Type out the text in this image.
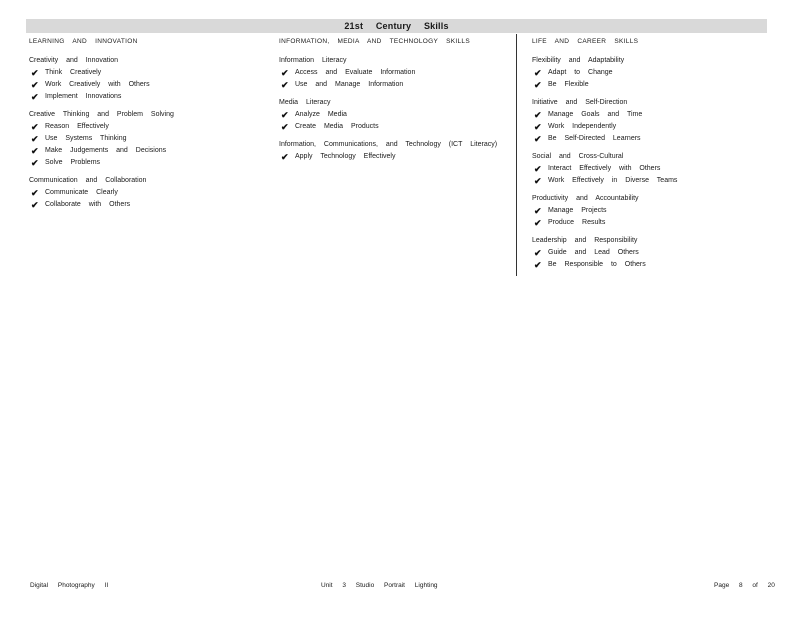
21st Century Skills
LEARNING AND INNOVATION
Creativity and Innovation
✔ Think Creatively
✔ Work Creatively with Others
✔ Implement Innovations
Creative Thinking and Problem Solving
✔ Reason Effectively
✔ Use Systems Thinking
✔ Make Judgements and Decisions
✔ Solve Problems
Communication and Collaboration
✔ Communicate Clearly
✔ Collaborate with Others
INFORMATION, MEDIA AND TECHNOLOGY SKILLS
Information Literacy
✔ Access and Evaluate Information
✔ Use and Manage Information
Media Literacy
✔ Analyze Media
✔ Create Media Products
Information, Communications, and Technology (ICT Literacy)
✔ Apply Technology Effectively
LIFE AND CAREER SKILLS
Flexibility and Adaptability
✔ Adapt to Change
✔ Be Flexible
Initiative and Self-Direction
✔ Manage Goals and Time
✔ Work Independently
✔ Be Self-Directed Learners
Social and Cross-Cultural
✔ Interact Effectively with Others
✔ Work Effectively in Diverse Teams
Productivity and Accountability
✔ Manage Projects
✔ Produce Results
Leadership and Responsibility
✔ Guide and Lead Others
✔ Be Responsible to Others
Digital Photography II	Unit 3 Studio Portrait Lighting	Page 8 of 20
